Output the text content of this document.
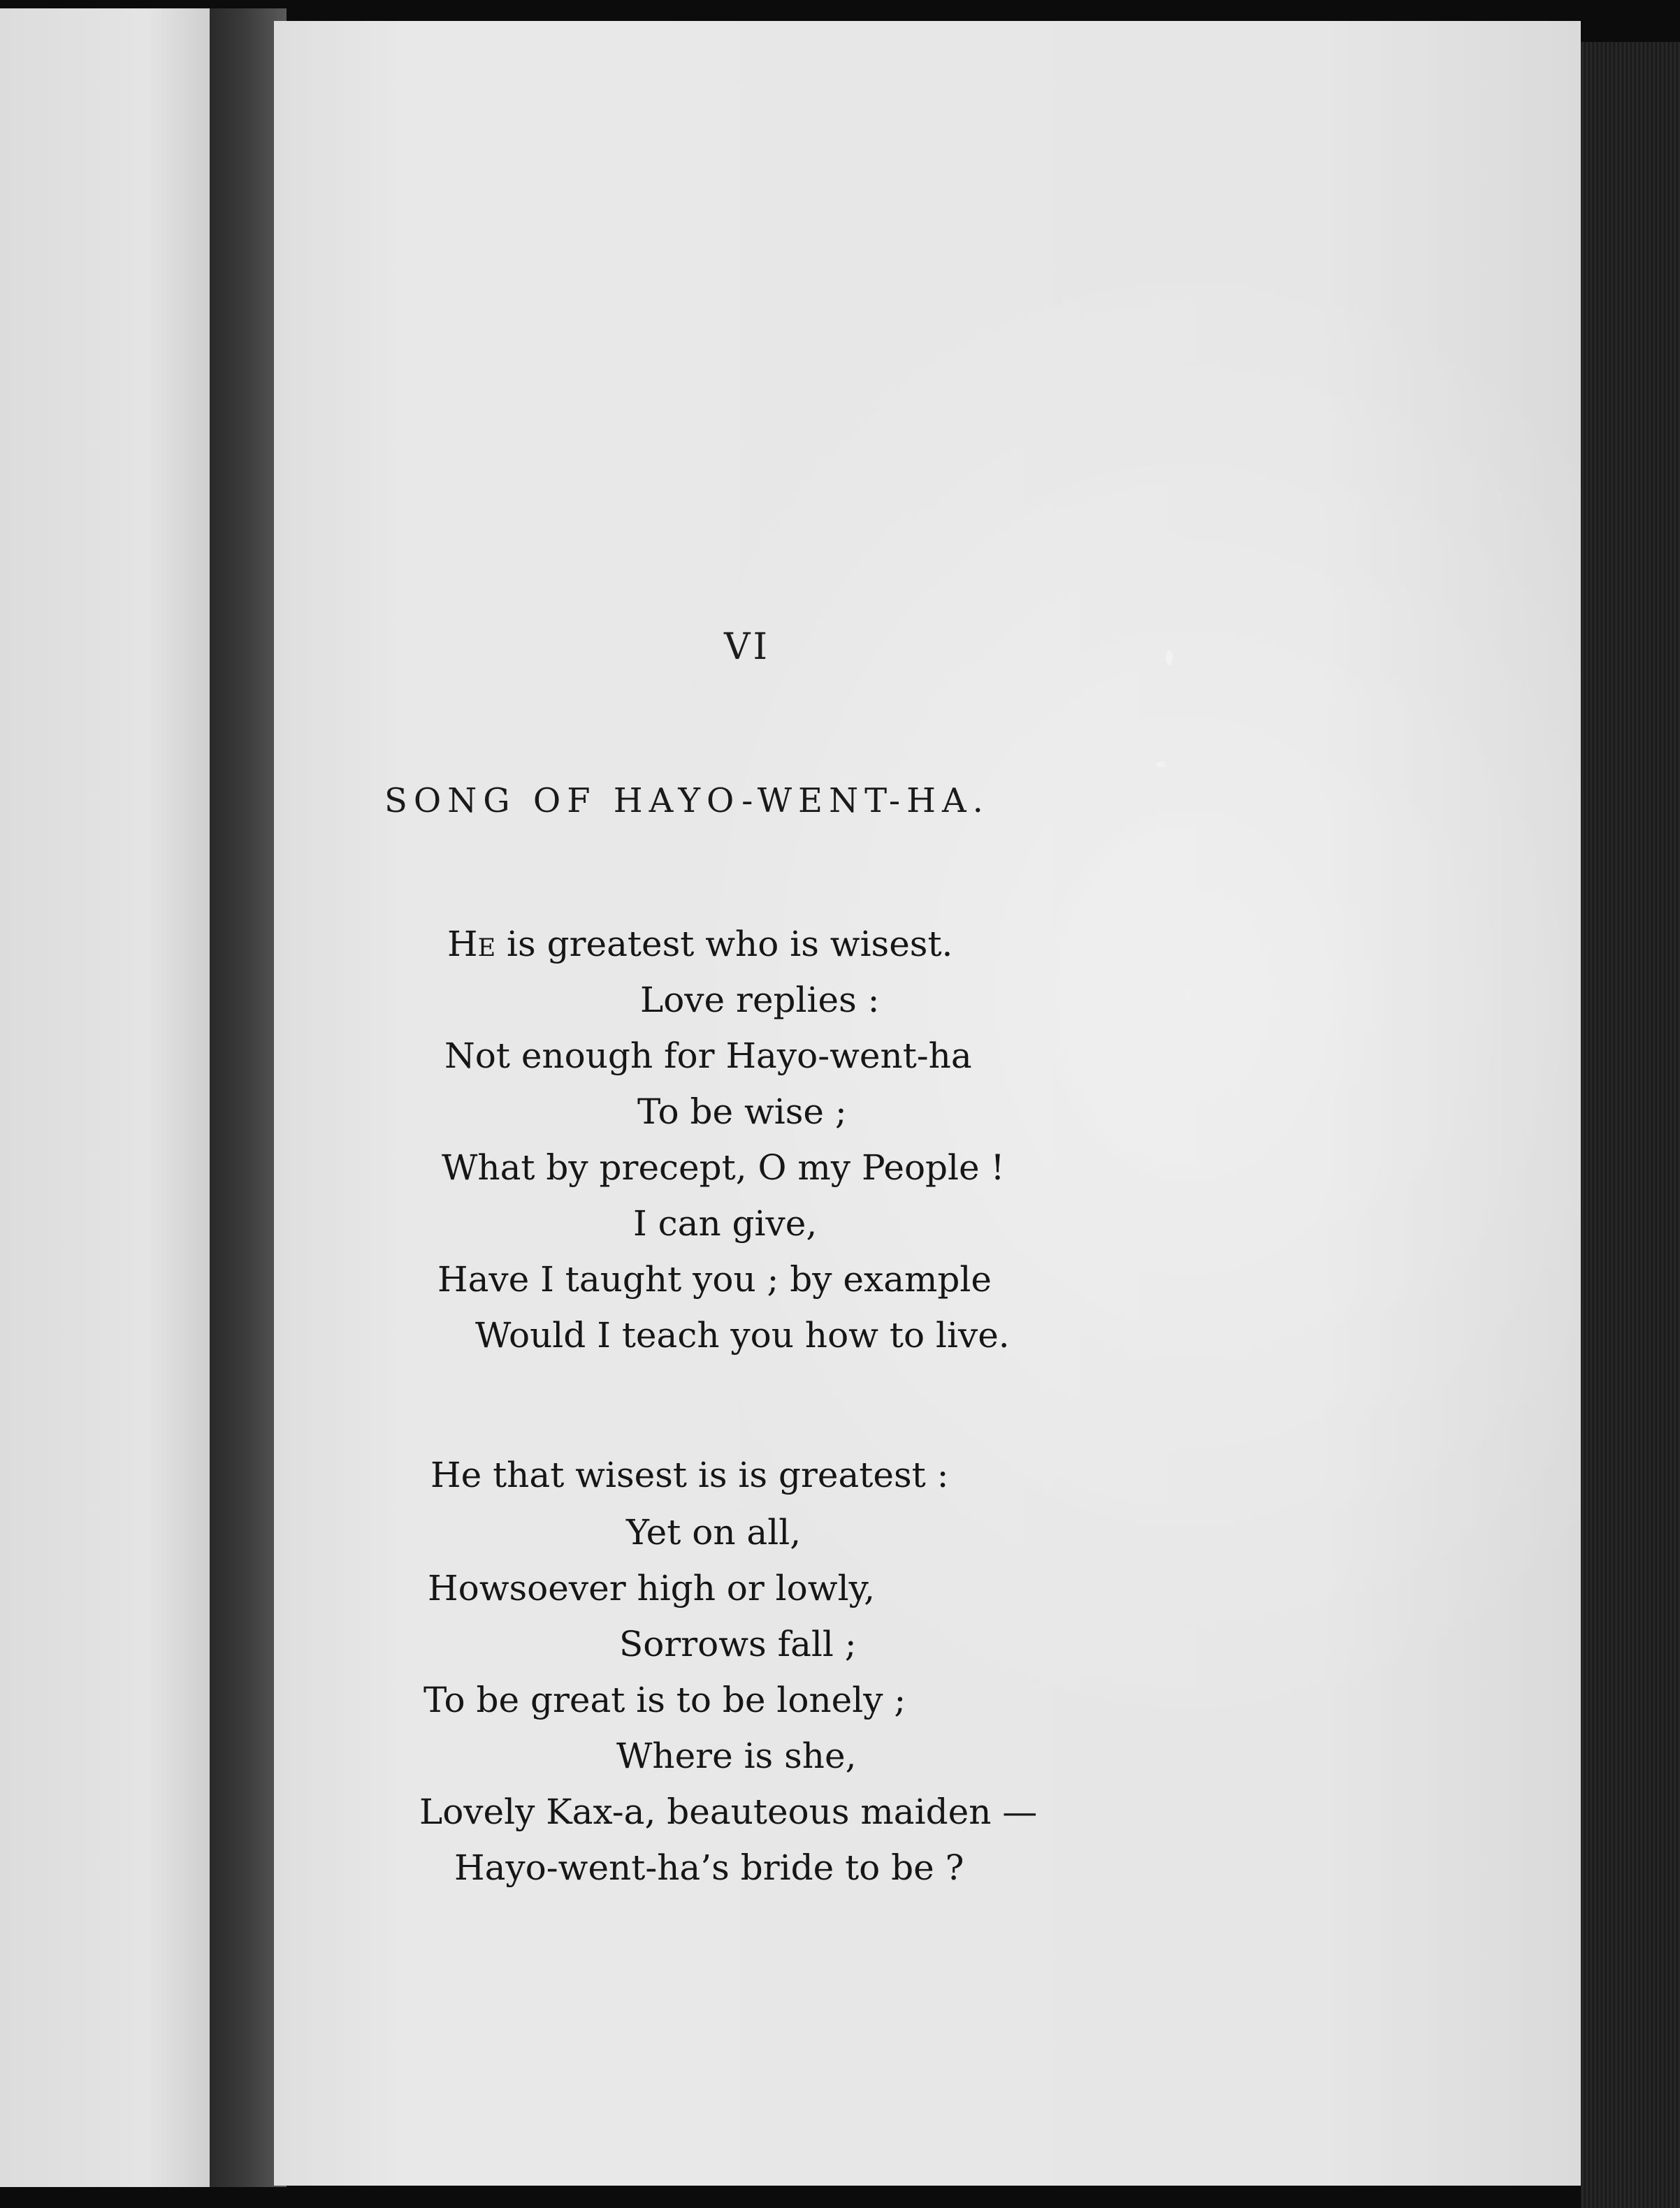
VI
SONG OF HAYO-WENT-HA.
He is greatest who is wisest.
Love replies :
Not enough for Hayo-went-ha
To be wise ;
What by precept, O my People !
I can give,
Have I taught you ; by example
Would I teach you how to live.
He that wisest is is greatest :
Yet on all,
Howsoever high or lowly,
Sorrows fall ;
To be great is to be lonely ;
Where is she,
Lovely Kax-a, beauteous maiden —
Hayo-went-ha’s bride to be ?
